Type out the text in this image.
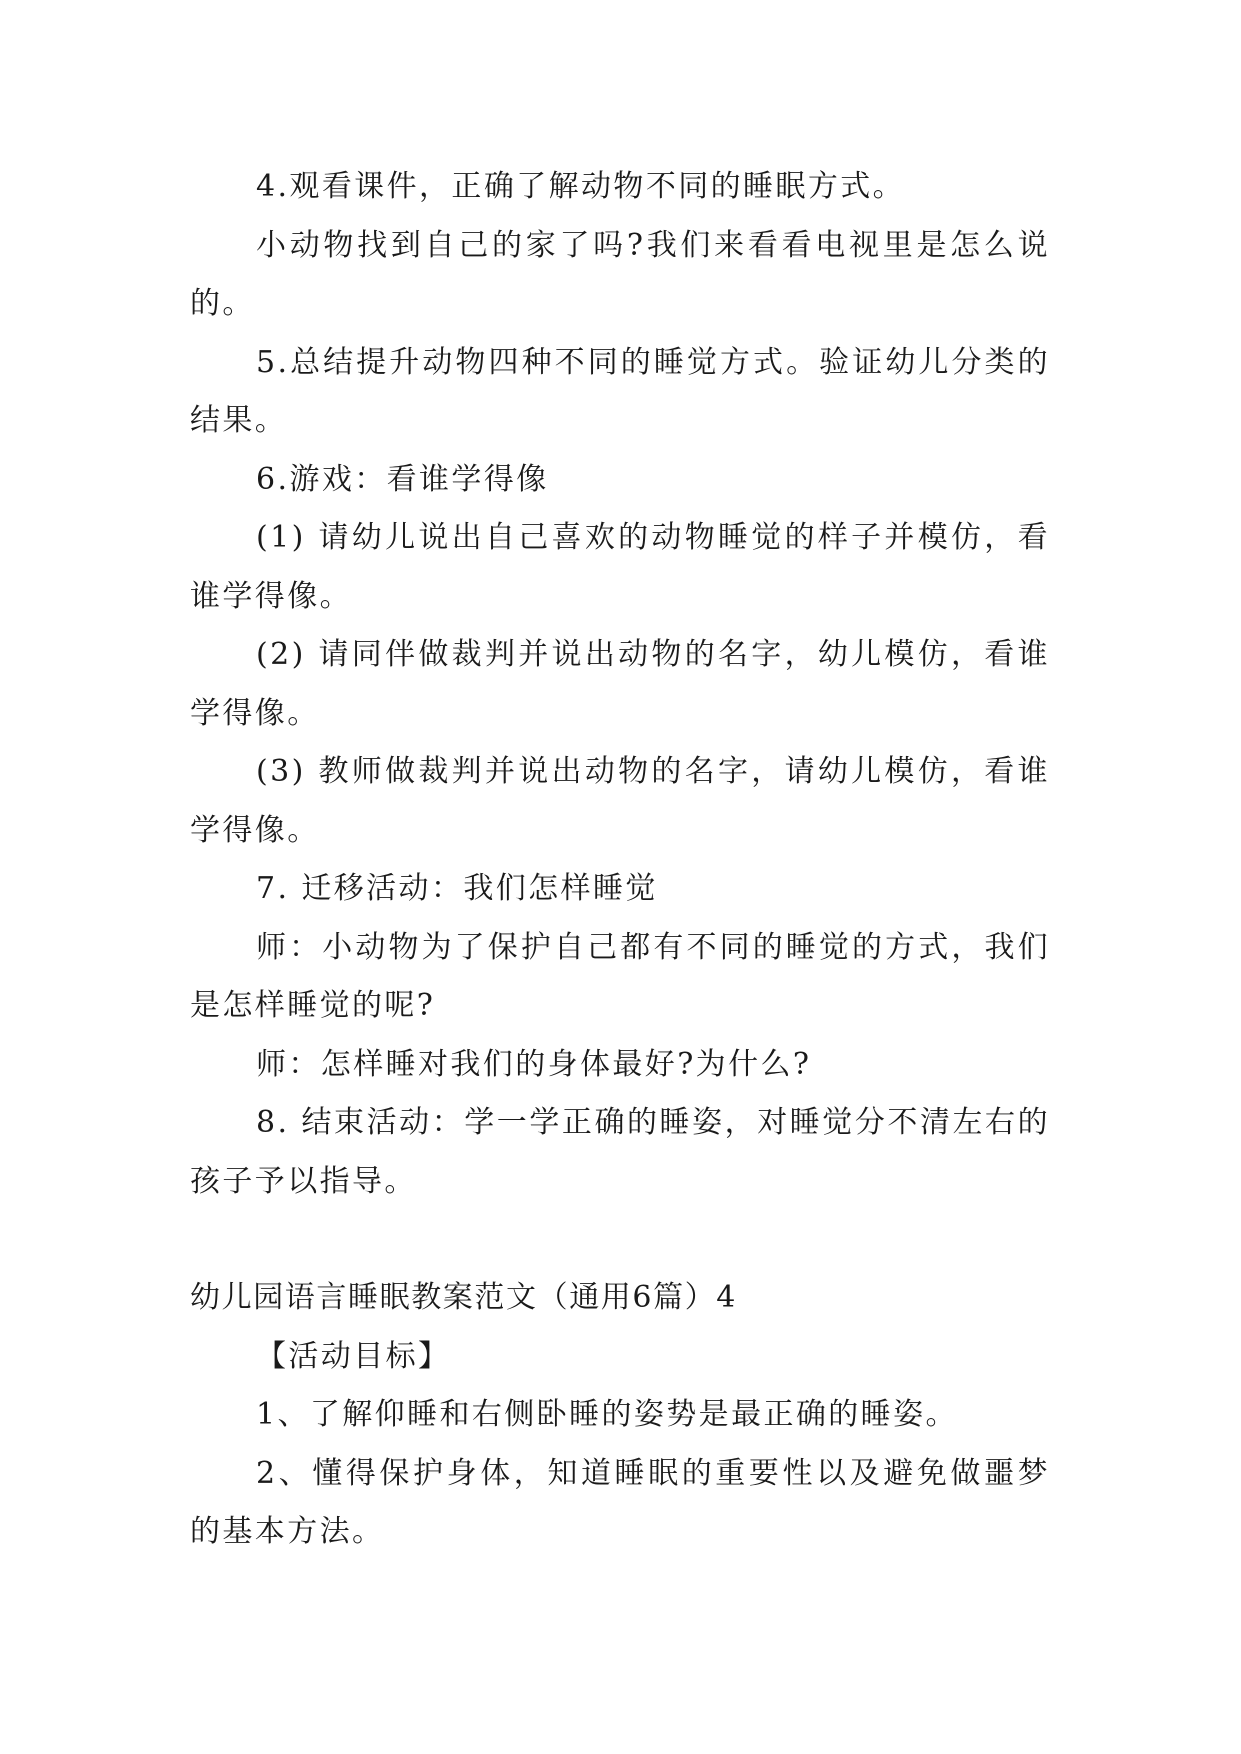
4.观看课件，正确了解动物不同的睡眠方式。

小动物找到自己的家了吗?我们来看看电视里是怎么说的。

5.总结提升动物四种不同的睡觉方式。验证幼儿分类的结果。

6.游戏：看谁学得像

(1) 请幼儿说出自己喜欢的动物睡觉的样子并模仿，看谁学得像。

(2) 请同伴做裁判并说出动物的名字，幼儿模仿，看谁学得像。

(3) 教师做裁判并说出动物的名字，请幼儿模仿，看谁学得像。

7. 迁移活动：我们怎样睡觉

师：小动物为了保护自己都有不同的睡觉的方式，我们是怎样睡觉的呢?

师：怎样睡对我们的身体最好?为什么?

8. 结束活动：学一学正确的睡姿，对睡觉分不清左右的孩子予以指导。

幼儿园语言睡眠教案范文（通用6篇）4

【活动目标】

1、了解仰睡和右侧卧睡的姿势是最正确的睡姿。

2、懂得保护身体，知道睡眠的重要性以及避免做噩梦的基本方法。
